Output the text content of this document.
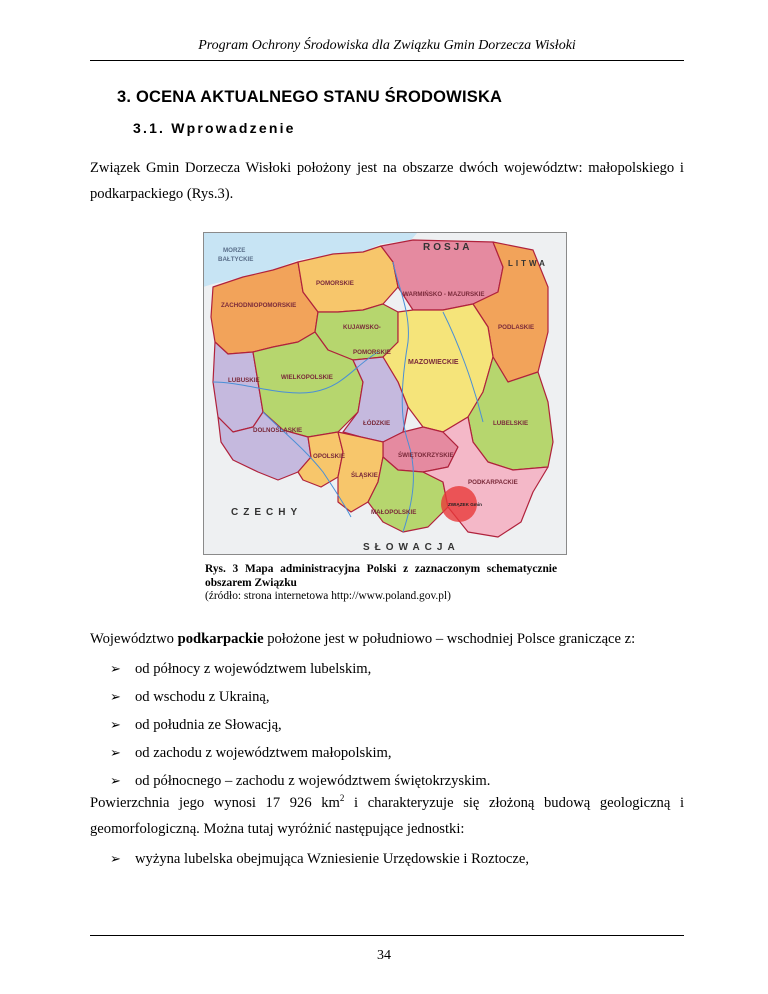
Program Ochrony Środowiska dla Związku Gmin Dorzecza Wisłoki
3. OCENA AKTUALNEGO STANU ŚRODOWISKA
3.1. Wprowadzenie
Związek Gmin Dorzecza Wisłoki położony jest na obszarze dwóch województw: małopolskiego i podkarpackiego (Rys.3).
MORZE
BAŁTYCKIE
ROSJA
LITWA
POMORSKIE
WARMIŃSKO - MAZURSKIE
ZACHODNIOPOMORSKIE
KUJAWSKO-
POMORSKIE
PODLASKIE
MAZOWIECKIE
WIELKOPOLSKIE
LUBUSKIE
ŁÓDZKIE	LUBELSKIE
DOLNOŚLĄSKIE
OPOLSKIE	ŚWIĘTOKRZYSKIE
ŚLĄSKIE
MAŁOPOLSKIE
PODKARPACKIE
SŁOWACJA
CZECHY
ZWIĄZEK Gmin
Rys. 3 Mapa administracyjna Polski z zaznaczonym schematycznie obszarem Związku
(źródło: strona internetowa http://www.poland.gov.pl)
Województwo podkarpackie położone jest w południowo – wschodniej Polsce graniczące z:
➢ od północy z województwem lubelskim,
➢ od wschodu z Ukrainą,
➢ od południa ze Słowacją,
➢ od zachodu z województwem małopolskim,
➢ od północnego – zachodu z województwem świętokrzyskim.
Powierzchnia jego wynosi 17 926 $km^2$ i charakteryzuje się złożoną budową geologiczną i geomorfologiczną. Można tutaj wyróżnić następujące jednostki:
➢ wyżyna lubelska obejmująca Wzniesienie Urzędowskie i Roztocze,
34
